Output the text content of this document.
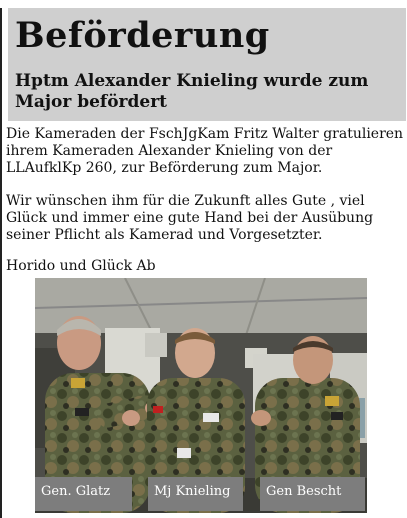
Beförderung
Hptm Alexander Knieling wurde zum Major befördert

Die Kameraden der FschJgKam Fritz Walter gratulieren ihrem Kameraden Alexander Knieling von der LLAufklKp 260, zur Beförderung zum Major.

Wir wünschen ihm für die Zukunft alles Gute , viel Glück und immer eine gute Hand bei der Ausübung seiner Pflicht als Kamerad und Vorgesetzter.

Horido und Glück Ab

Gen. Glatz	Mj Knieling	Gen Bescht
